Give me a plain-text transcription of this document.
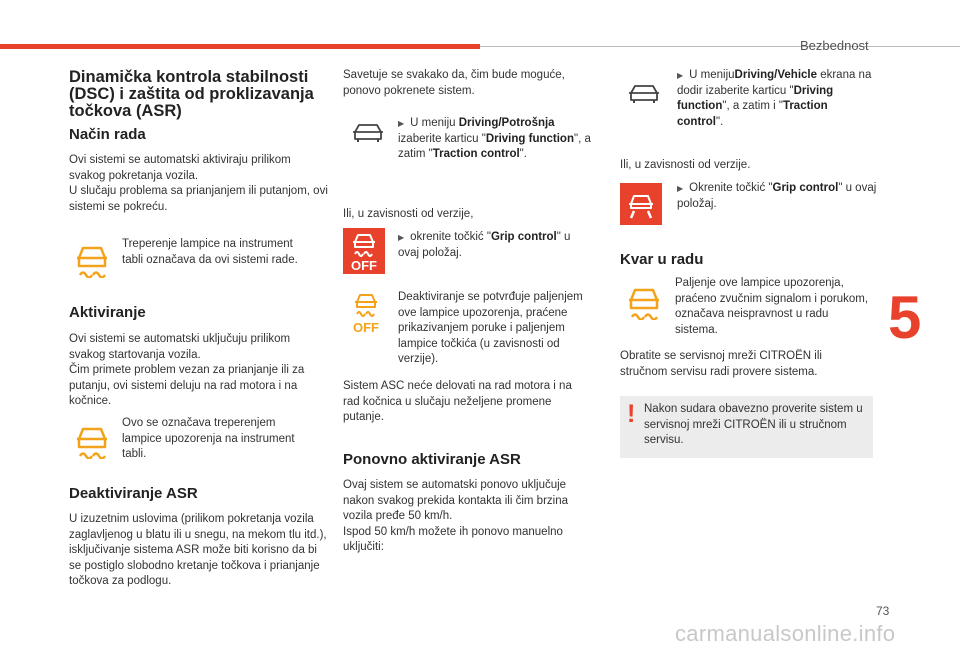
Bezbednost
5
73
carmanualsonline.info
Dinamička kontrola stabilnosti (DSC) i zaštita od proklizavanja točkova (ASR)
Način rada

Ovi sistemi se automatski aktiviraju prilikom svakog pokretanja vozila.

U slučaju problema sa prianjanjem ili putanjom, ovi sistemi se pokreću.

Treperenje lampice na instrument tabli označava da ovi sistemi rade.

Aktiviranje

Ovi sistemi se automatski uključuju prilikom svakog startovanja vozila.

Čim primete problem vezan za prianjanje ili za putanju, ovi sistemi deluju na rad motora i na kočnice.

Ovo se označava treperenjem lampice upozorenja na instrument tabli.

Deaktiviranje ASR

U izuzetnim uslovima (prilikom pokretanja vozila zaglavljenog u blatu ili u snegu, na mekom tlu itd.), isključivanje sistema ASR može biti korisno da bi se postiglo slobodno kretanje točkova i prianjanje točkova za podlogu.

Savetuje se svakako da, čim bude moguće, ponovo pokrenete sistem.

▶ U meniju Driving/Potrošnja izaberite karticu "Driving function", a zatim "Traction control".

Ili, u zavisnosti od verzije,

OFF

▶ okrenite točkić "Grip control" u ovaj položaj.

OFF

Deaktiviranje se potvrđuje paljenjem ove lampice upozorenja, praćene prikazivanjem poruke i paljenjem lampice točkića (u zavisnosti od verzije).

Sistem ASC neće delovati na rad motora i na rad kočnica u slučaju neželjene promene putanje.

Ponovno aktiviranje ASR

Ovaj sistem se automatski ponovo uključuje nakon svakog prekida kontakta ili čim brzina vozila pređe 50 km/h.

Ispod 50 km/h možete ih ponovo manuelno uključiti:

▶ U menijuDriving/Vehicle ekrana na dodir izaberite karticu "Driving function", a zatim i "Traction control".

Ili, u zavisnosti od verzije.

▶ Okrenite točkić "Grip control" u ovaj položaj.

Kvar u radu

Paljenje ove lampice upozorenja, praćeno zvučnim signalom i porukom, označava neispravnost u radu sistema.

Obratite se servisnoj mreži CITROËN ili stručnom servisu radi provere sistema.

! Nakon sudara obavezno proverite sistem u servisnoj mreži CITROËN ili u stručnom servisu.
